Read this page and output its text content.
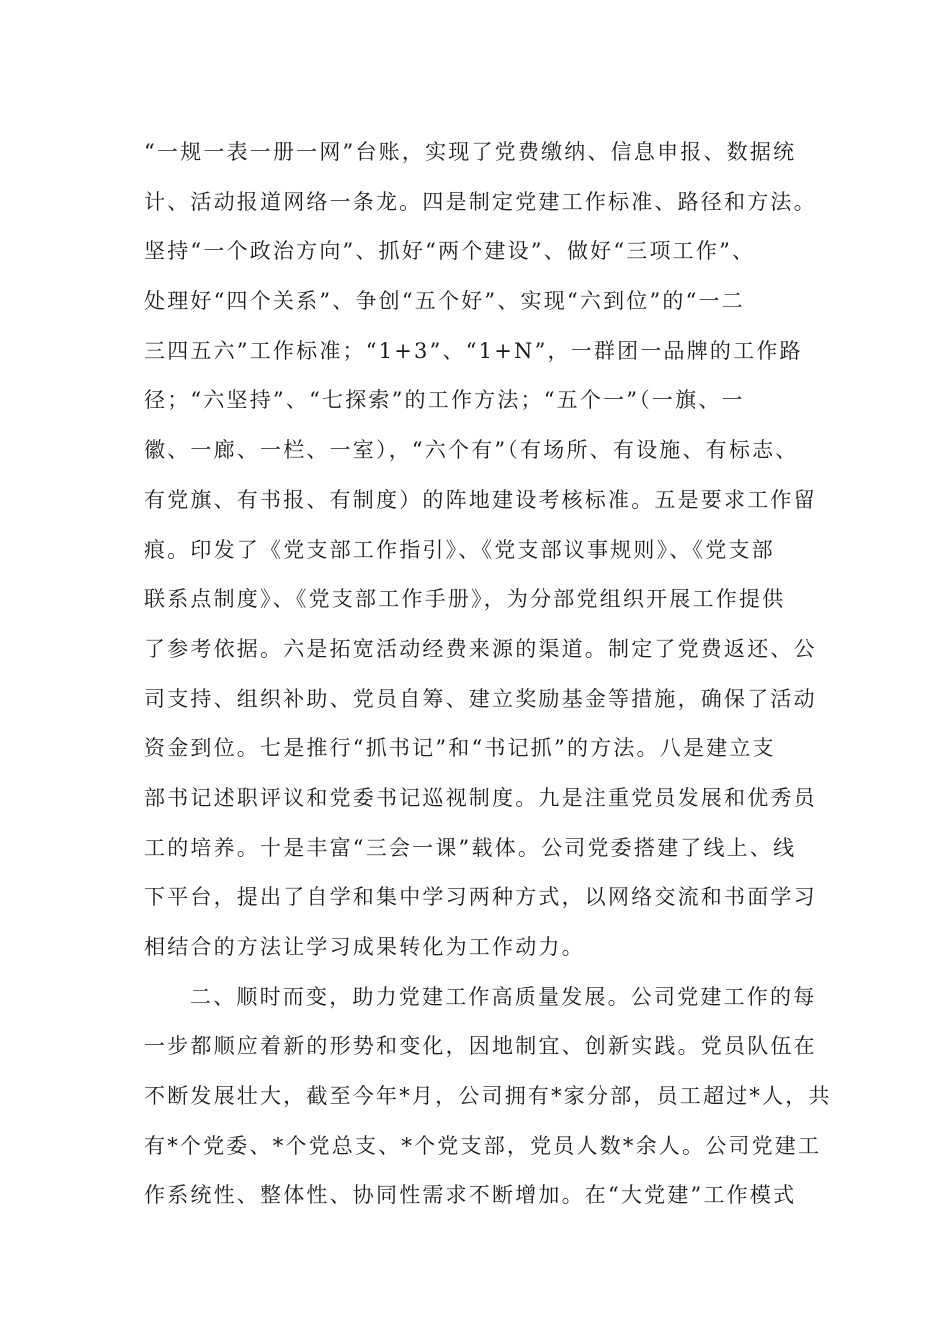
“一规一表一册一网”台账，实现了党费缴纳、信息申报、数据统
计、活动报道网络一条龙。四是制定党建工作标准、路径和方法。
坚持“一个政治方向”、抓好“两个建设”、做好“三项工作”、
处理好“四个关系”、争创“五个好”、实现“六到位”的“一二
三四五六”工作标准；“1+3”、“1+N”，一群团一品牌的工作路
径；“六坚持”、“七探索”的工作方法；“五个一”（一旗、一
徽、一廊、一栏、一室），“六个有”（有场所、有设施、有标志、
有党旗、有书报、有制度）的阵地建设考核标准。五是要求工作留
痕。印发了《党支部工作指引》、《党支部议事规则》、《党支部
联系点制度》、《党支部工作手册》，为分部党组织开展工作提供
了参考依据。六是拓宽活动经费来源的渠道。制定了党费返还、公
司支持、组织补助、党员自筹、建立奖励基金等措施，确保了活动
资金到位。七是推行“抓书记”和“书记抓”的方法。八是建立支
部书记述职评议和党委书记巡视制度。九是注重党员发展和优秀员
工的培养。十是丰富“三会一课”载体。公司党委搭建了线上、线
下平台，提出了自学和集中学习两种方式，以网络交流和书面学习
相结合的方法让学习成果转化为工作动力。
二、顺时而变，助力党建工作高质量发展。公司党建工作的每
一步都顺应着新的形势和变化，因地制宜、创新实践。党员队伍在
不断发展壮大，截至今年*月，公司拥有*家分部，员工超过*人，共
有*个党委、*个党总支、*个党支部，党员人数*余人。公司党建工
作系统性、整体性、协同性需求不断增加。在“大党建”工作模式
